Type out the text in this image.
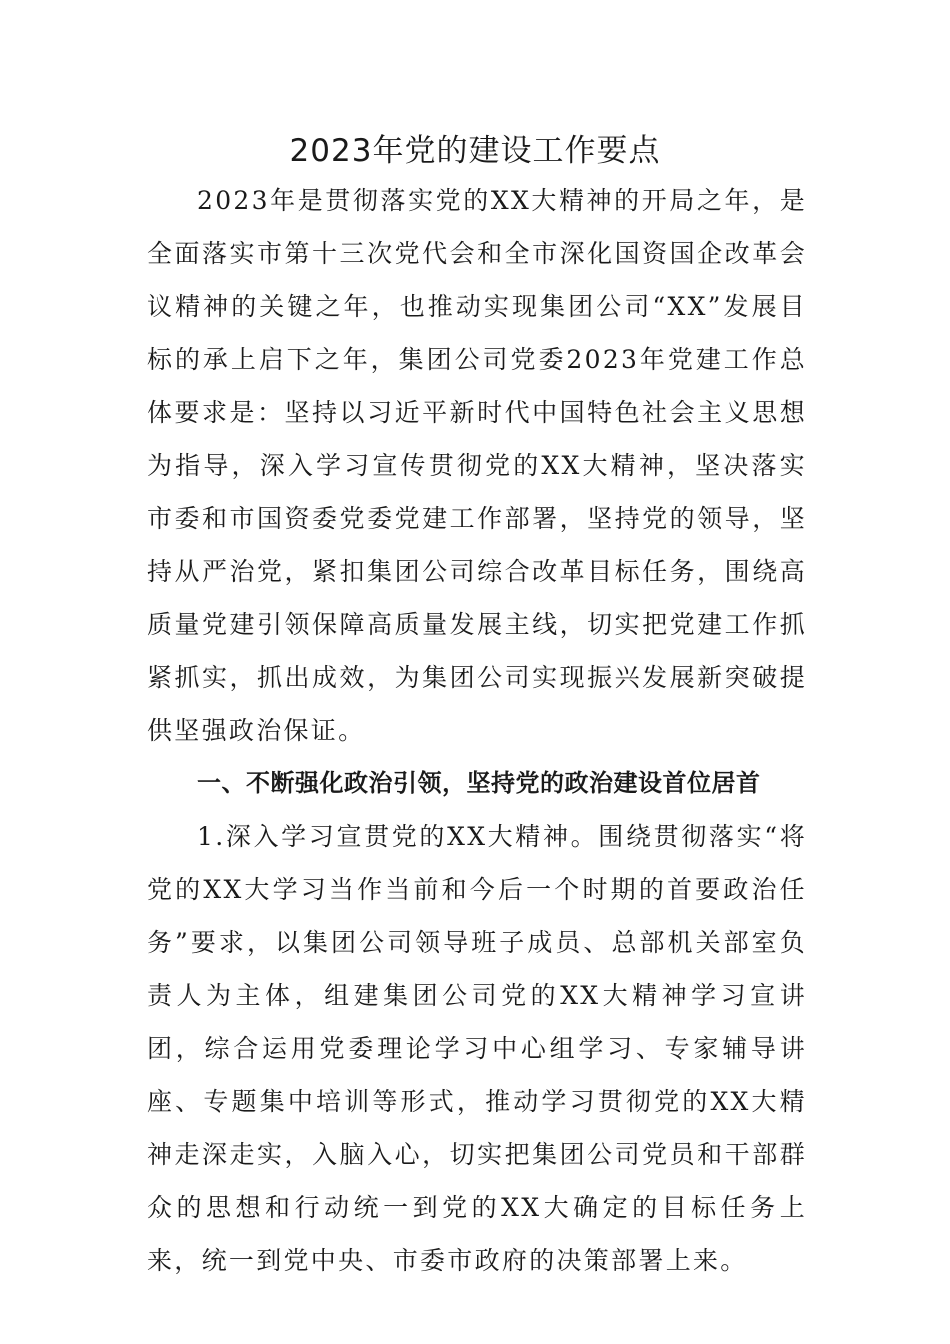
2023年党的建设工作要点

2023年是贯彻落实党的XX大精神的开局之年，是全面落实市第十三次党代会和全市深化国资国企改革会议精神的关键之年，也推动实现集团公司“XX”发展目标的承上启下之年，集团公司党委2023年党建工作总体要求是：坚持以习近平新时代中国特色社会主义思想为指导，深入学习宣传贯彻党的XX大精神，坚决落实市委和市国资委党委党建工作部署，坚持党的领导，坚持从严治党，紧扣集团公司综合改革目标任务，围绕高质量党建引领保障高质量发展主线，切实把党建工作抓紧抓实，抓出成效，为集团公司实现振兴发展新突破提供坚强政治保证。

一、不断强化政治引领，坚持党的政治建设首位居首

1.深入学习宣贯党的XX大精神。围绕贯彻落实“将党的XX大学习当作当前和今后一个时期的首要政治任务”要求，以集团公司领导班子成员、总部机关部室负责人为主体，组建集团公司党的XX大精神学习宣讲团，综合运用党委理论学习中心组学习、专家辅导讲座、专题集中培训等形式，推动学习贯彻党的XX大精神走深走实，入脑入心，切实把集团公司党员和干部群众的思想和行动统一到党的XX大确定的目标任务上来，统一到党中央、市委市政府的决策部署上来。
